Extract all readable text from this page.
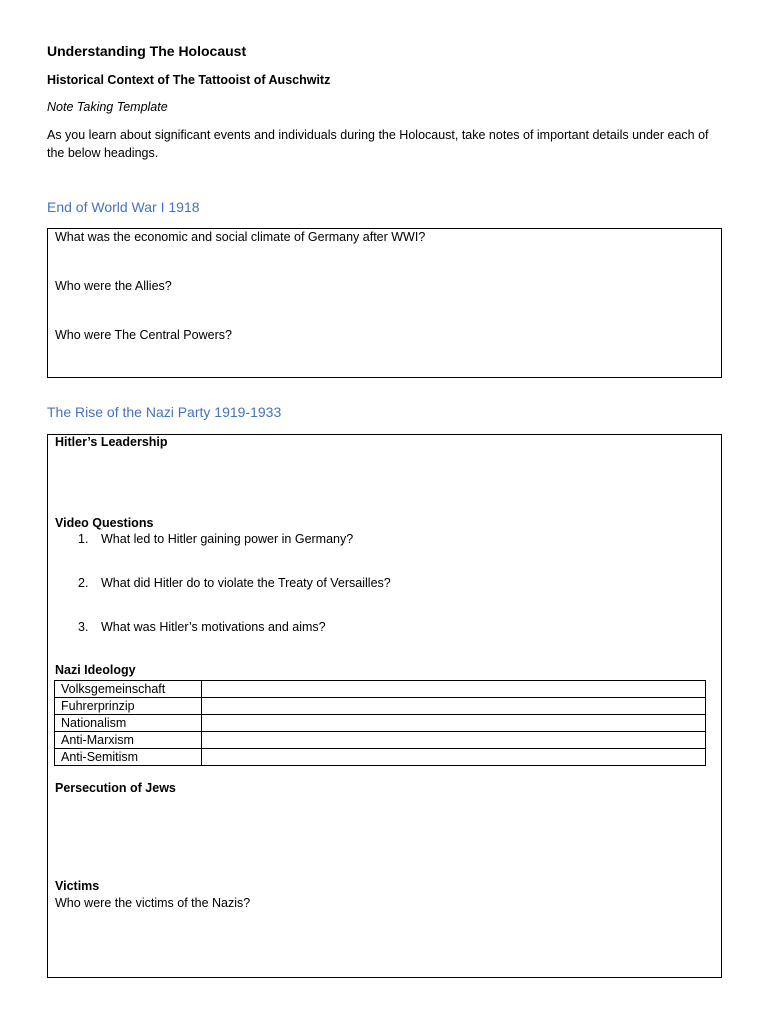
Understanding The Holocaust
Historical Context of The Tattooist of Auschwitz
Note Taking Template
As you learn about significant events and individuals during the Holocaust, take notes of important details under each of the below headings.
End of World War I 1918
What was the economic and social climate of Germany after WWI?
Who were the Allies?
Who were The Central Powers?
The Rise of the Nazi Party 1919-1933
Hitler’s Leadership
Video Questions
1. What led to Hitler gaining power in Germany?
2. What did Hitler do to violate the Treaty of Versailles?
3. What was Hitler’s motivations and aims?
Nazi Ideology
Volksgemeinschaft	
Fuhrerprinzip	
Nationalism	
Anti-Marxism	
Anti-Semitism	
Persecution of Jews
Victims
Who were the victims of the Nazis?
